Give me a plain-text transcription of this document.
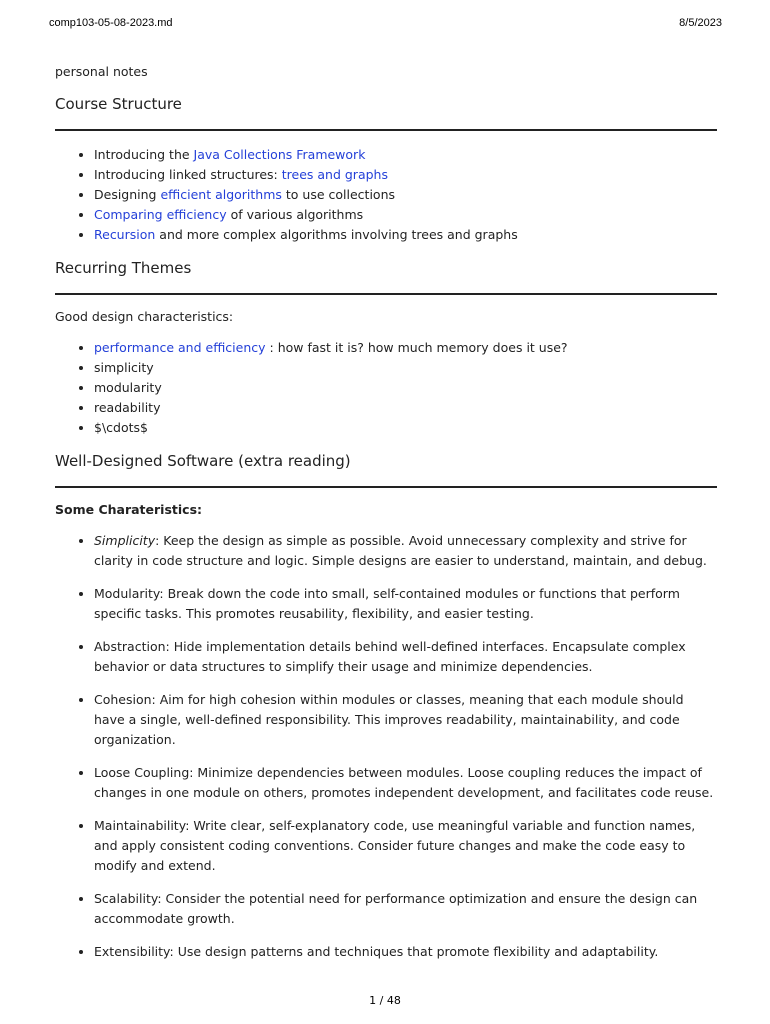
comp103-05-08-2023.md	8/5/2023

personal notes

Course Structure
• Introducing the Java Collections Framework
• Introducing linked structures: trees and graphs
• Designing efficient algorithms to use collections
• Comparing efficiency of various algorithms
• Recursion and more complex algorithms involving trees and graphs
Recurring Themes

Good design characteristics:

• performance and efficiency : how fast it is? how much memory does it use?
• simplicity
• modularity
• readability
• $\cdots$
Well-Designed Software (extra reading)

Some Charateristics:

• Simplicity: Keep the design as simple as possible. Avoid unnecessary complexity and strive for clarity in code structure and logic. Simple designs are easier to understand, maintain, and debug.
• Modularity: Break down the code into small, self-contained modules or functions that perform specific tasks. This promotes reusability, flexibility, and easier testing.
• Abstraction: Hide implementation details behind well-defined interfaces. Encapsulate complex behavior or data structures to simplify their usage and minimize dependencies.
• Cohesion: Aim for high cohesion within modules or classes, meaning that each module should have a single, well-defined responsibility. This improves readability, maintainability, and code organization.
• Loose Coupling: Minimize dependencies between modules. Loose coupling reduces the impact of changes in one module on others, promotes independent development, and facilitates code reuse.
• Maintainability: Write clear, self-explanatory code, use meaningful variable and function names, and apply consistent coding conventions. Consider future changes and make the code easy to modify and extend.
• Scalability: Consider the potential need for performance optimization and ensure the design can accommodate growth.
• Extensibility: Use design patterns and techniques that promote flexibility and adaptability.
1 / 48
